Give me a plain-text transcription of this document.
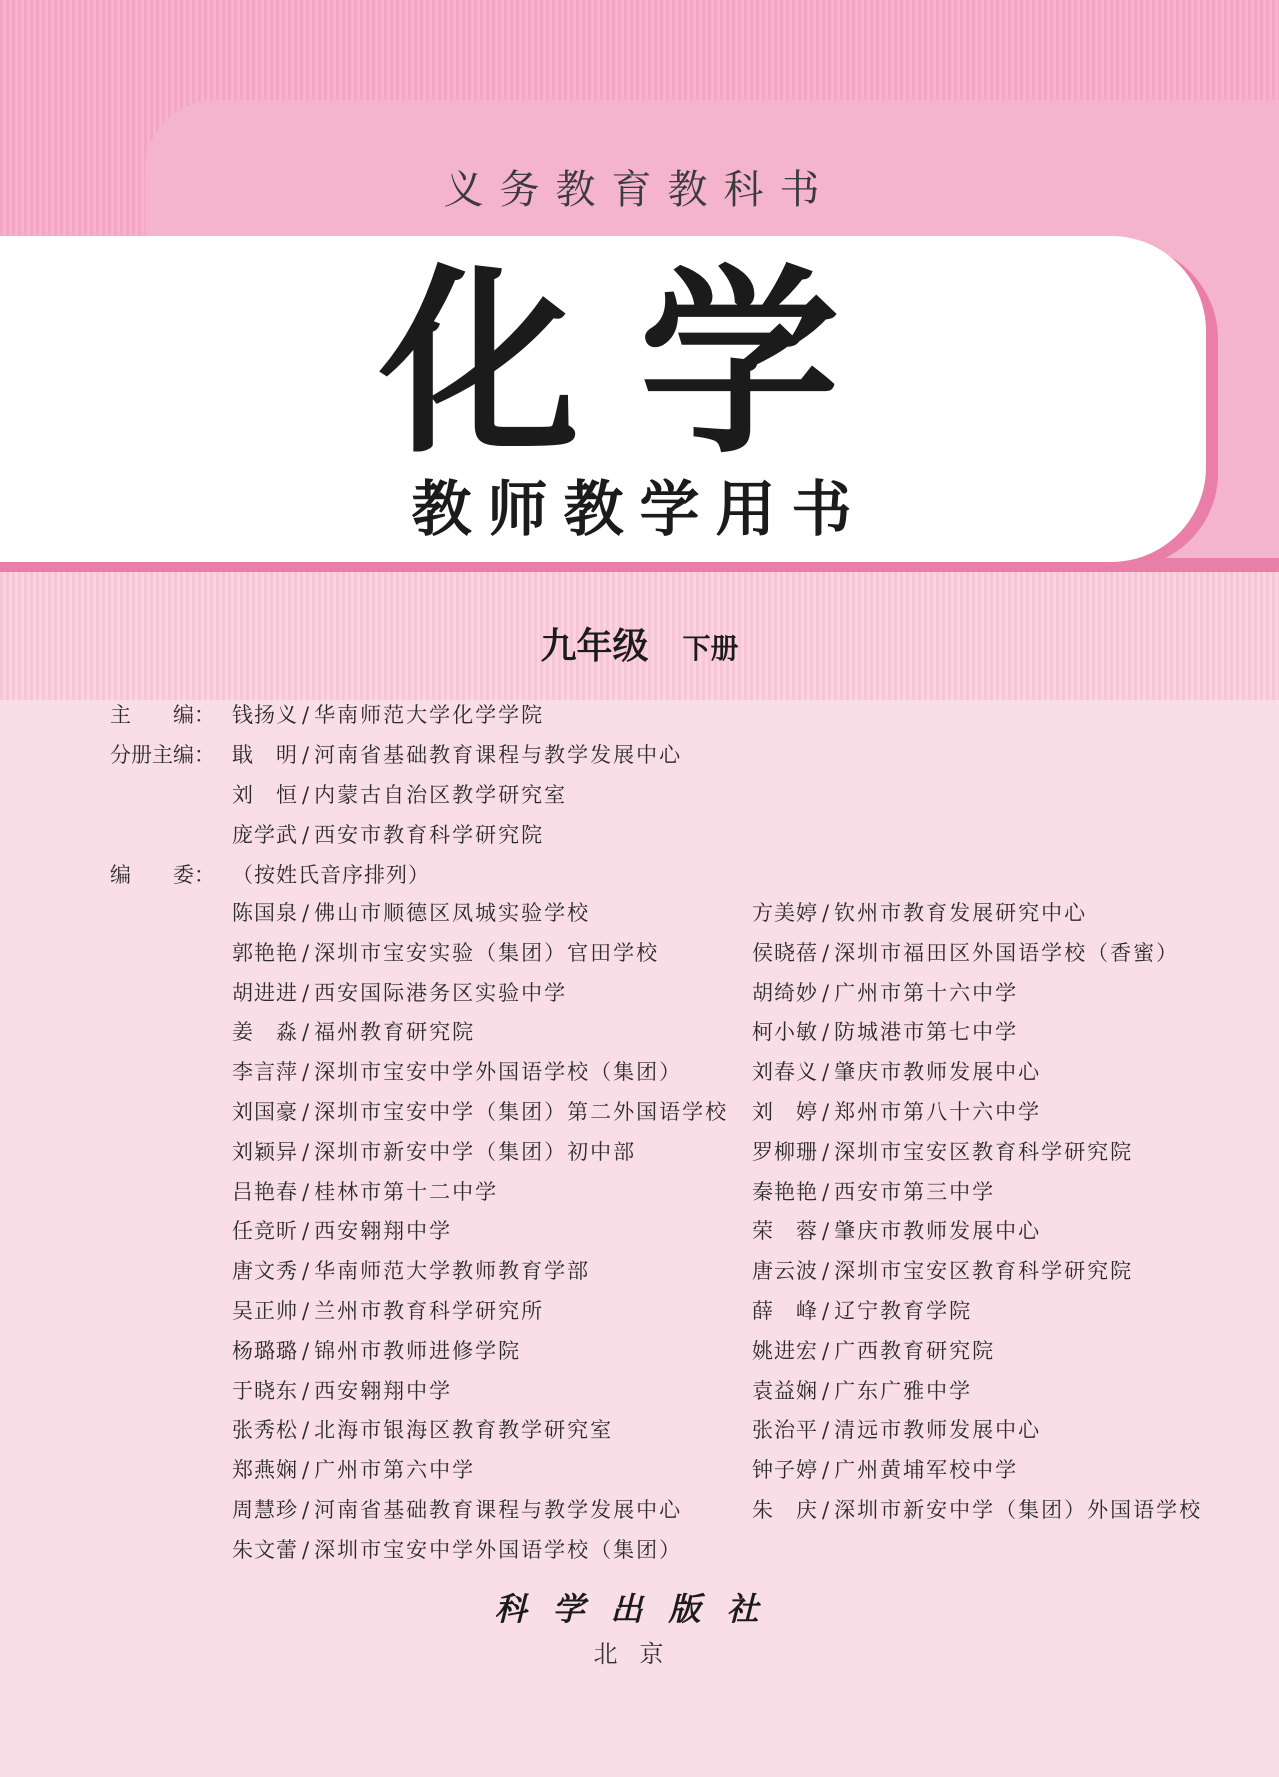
义务教育教科书
化学
教师教学用书
九年级 下册
主　　编： 钱扬义 / 华南师范大学化学学院
分册主编： 戢　明 / 河南省基础教育课程与教学发展中心
刘　恒 / 内蒙古自治区教学研究室
庞学武 / 西安市教育科学研究院
编　　委： （按姓氏音序排列）
陈国泉 / 佛山市顺德区凤城实验学校
郭艳艳 / 深圳市宝安实验（集团）官田学校
胡进进 / 西安国际港务区实验中学
姜　淼 / 福州教育研究院
李言萍 / 深圳市宝安中学外国语学校（集团）
刘国豪 / 深圳市宝安中学（集团）第二外国语学校
刘颖异 / 深圳市新安中学（集团）初中部
吕艳春 / 桂林市第十二中学
任竞昕 / 西安翱翔中学
唐文秀 / 华南师范大学教师教育学部
吴正帅 / 兰州市教育科学研究所
杨璐璐 / 锦州市教师进修学院
于晓东 / 西安翱翔中学
张秀松 / 北海市银海区教育教学研究室
郑燕娴 / 广州市第六中学
周慧珍 / 河南省基础教育课程与教学发展中心
朱文蕾 / 深圳市宝安中学外国语学校（集团）
方美婷 / 钦州市教育发展研究中心
侯晓蓓 / 深圳市福田区外国语学校（香蜜）
胡绮妙 / 广州市第十六中学
柯小敏 / 防城港市第七中学
刘春义 / 肇庆市教师发展中心
刘　婷 / 郑州市第八十六中学
罗柳珊 / 深圳市宝安区教育科学研究院
秦艳艳 / 西安市第三中学
荣　蓉 / 肇庆市教师发展中心
唐云波 / 深圳市宝安区教育科学研究院
薛　峰 / 辽宁教育学院
姚进宏 / 广西教育研究院
袁益娴 / 广东广雅中学
张治平 / 清远市教师发展中心
钟子婷 / 广州黄埔军校中学
朱　庆 / 深圳市新安中学（集团）外国语学校
科学出版社
北京
